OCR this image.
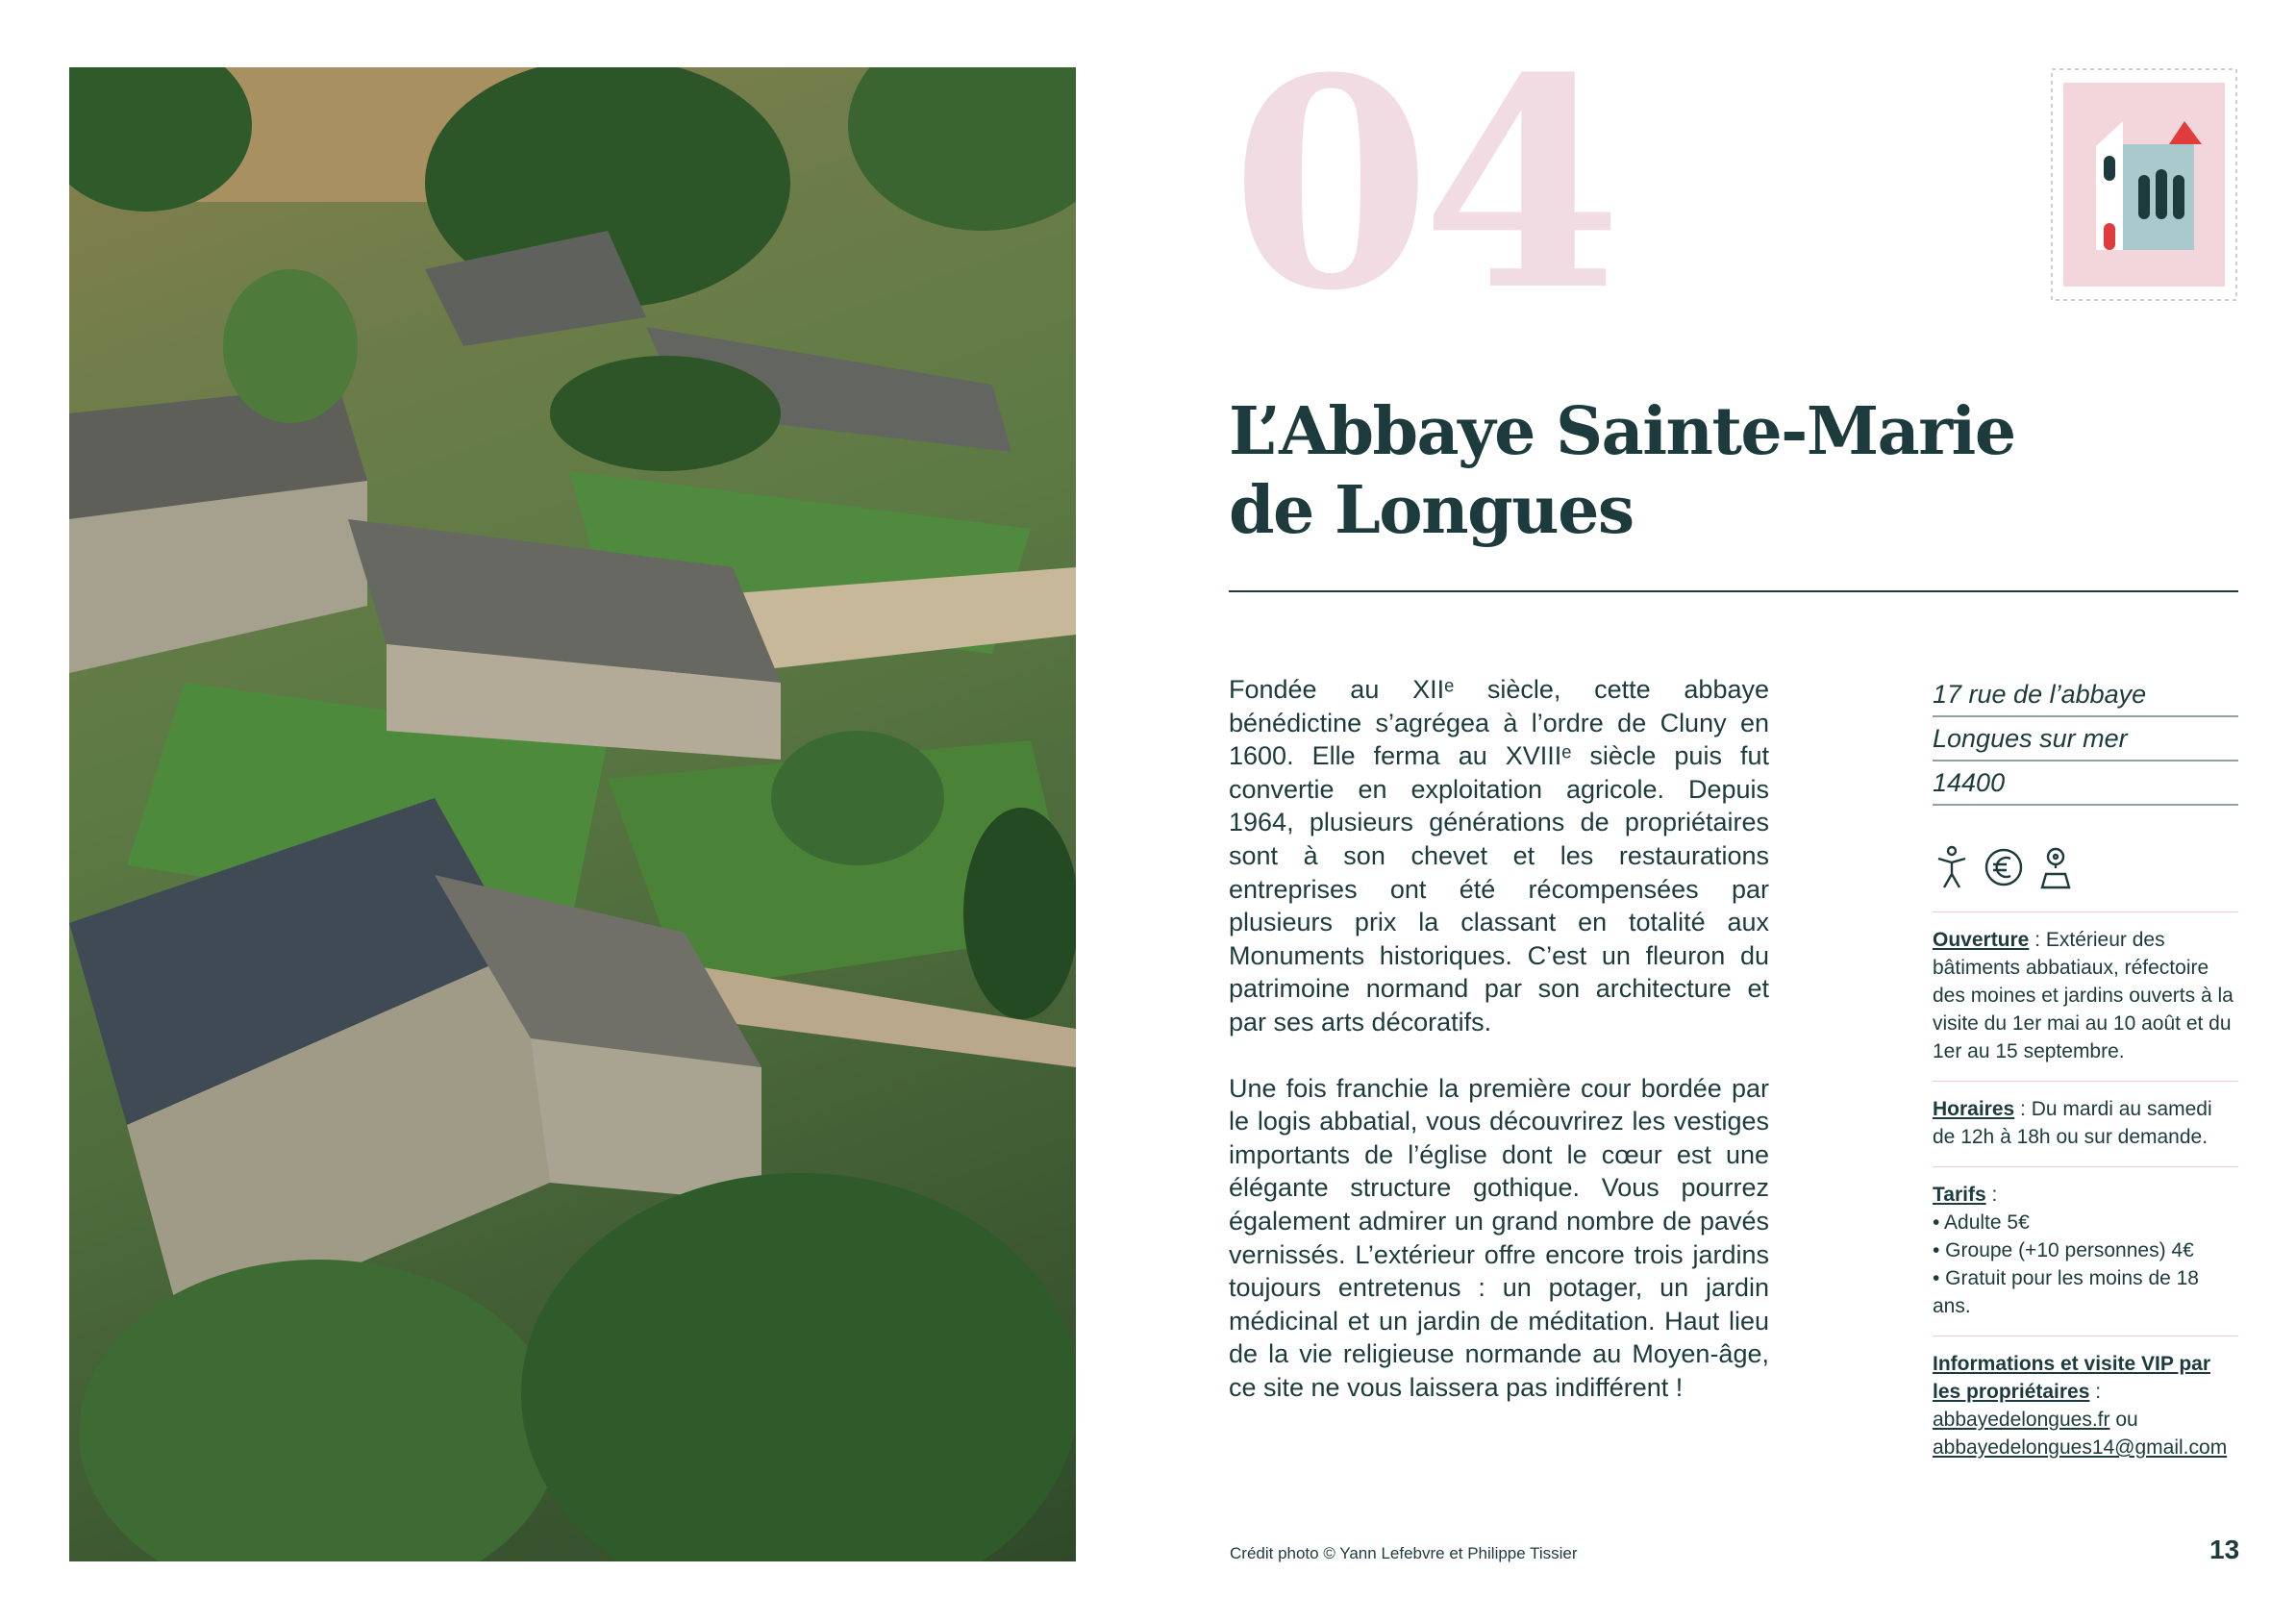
04
L’Abbaye Sainte-Marie
de Longues

Fondée au XIIᵉ siècle, cette abbaye bénédictine s’agrégea à l’ordre de Cluny en 1600. Elle ferma au XVIIIᵉ siècle puis fut convertie en exploitation agricole. Depuis 1964, plusieurs générations de propriétaires sont à son chevet et les restaurations entreprises ont été récompensées par plusieurs prix la classant en totalité aux Monuments historiques. C’est un fleuron du patrimoine normand par son architecture et par ses arts décoratifs.

Une fois franchie la première cour bordée par le logis abbatial, vous découvrirez les vestiges importants de l’église dont le cœur est une élégante structure gothique. Vous pourrez également admirer un grand nombre de pavés vernissés. L’extérieur offre encore trois jardins toujours entretenus : un potager, un jardin médicinal et un jardin de méditation. Haut lieu de la vie religieuse normande au Moyen-âge, ce site ne vous laissera pas indifférent !

17 rue de l’abbaye
Longues sur mer
14400
Ouverture : Extérieur des bâtiments abbatiaux, réfectoire des moines et jardins ouverts à la visite du 1er mai au 10 août et du 1er au 15 septembre.
Horaires : Du mardi au samedi de 12h à 18h ou sur demande.
Tarifs :
• Adulte 5€
• Groupe (+10 personnes) 4€
• Gratuit pour les moins de 18 ans.
Informations et visite VIP par les propriétaires :
abbayedelongues.fr ou
abbayedelongues14@gmail.com
Crédit photo © Yann Lefebvre et Philippe Tissier	13
